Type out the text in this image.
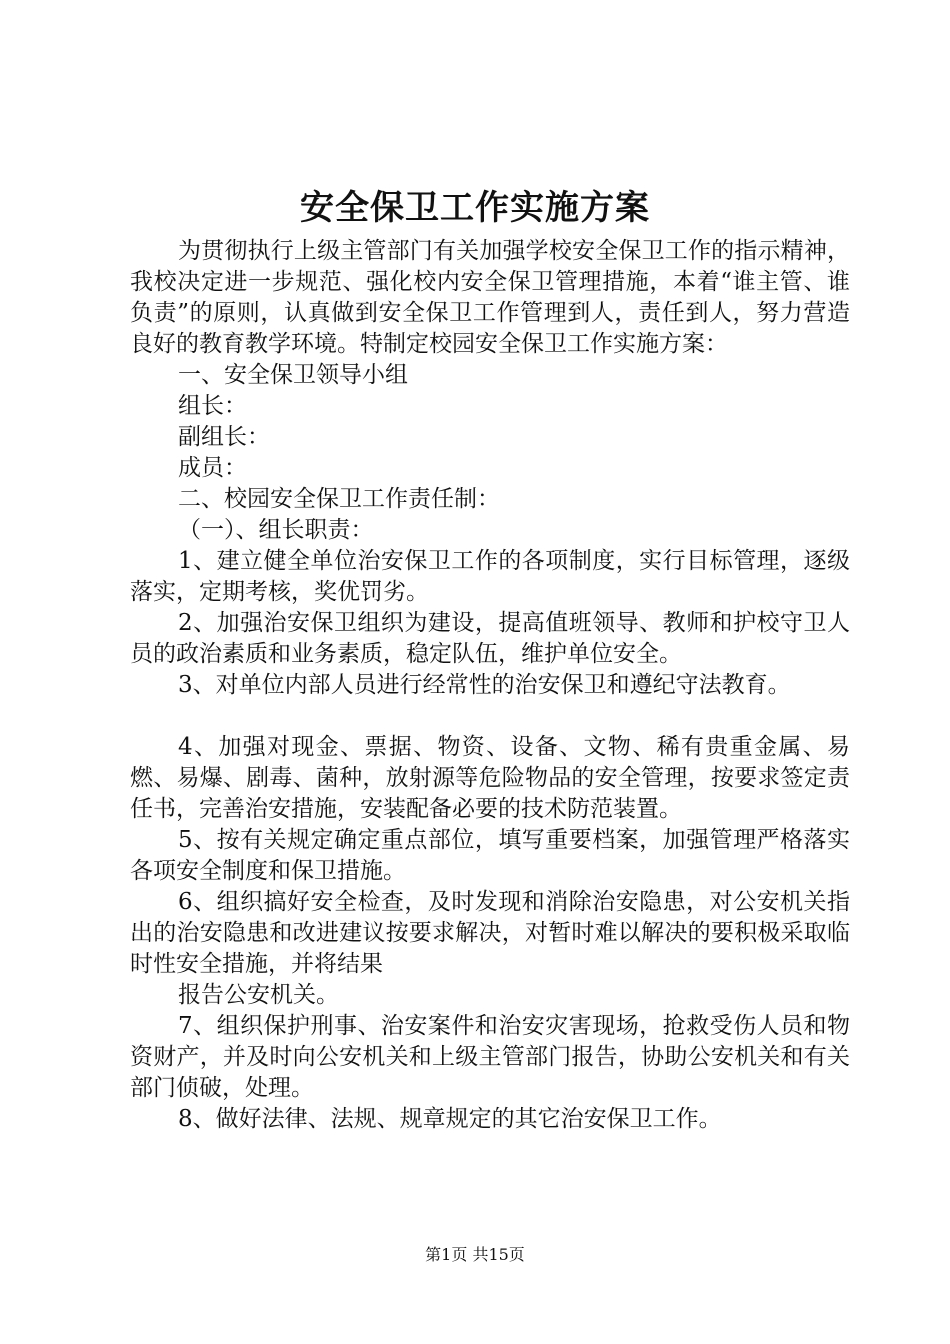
安全保卫工作实施方案

为贯彻执行上级主管部门有关加强学校安全保卫工作的指示精神，我校决定进一步规范、强化校内安全保卫管理措施，本着“谁主管、谁负责”的原则，认真做到安全保卫工作管理到人，责任到人，努力营造良好的教育教学环境。特制定校园安全保卫工作实施方案：

一、安全保卫领导小组

组长：

副组长：

成员：

二、校园安全保卫工作责任制：

（一）、组长职责：

1、建立健全单位治安保卫工作的各项制度，实行目标管理，逐级落实，定期考核，奖优罚劣。

2、加强治安保卫组织为建设，提高值班领导、教师和护校守卫人员的政治素质和业务素质，稳定队伍，维护单位安全。

3、对单位内部人员进行经常性的治安保卫和遵纪守法教育。

4、加强对现金、票据、物资、设备、文物、稀有贵重金属、易燃、易爆、剧毒、菌种，放射源等危险物品的安全管理，按要求签定责任书，完善治安措施，安装配备必要的技术防范装置。

5、按有关规定确定重点部位，填写重要档案，加强管理严格落实各项安全制度和保卫措施。

6、组织搞好安全检查，及时发现和消除治安隐患，对公安机关指出的治安隐患和改进建议按要求解决，对暂时难以解决的要积极采取临时性安全措施，并将结果

报告公安机关。

7、组织保护刑事、治安案件和治安灾害现场，抢救受伤人员和物资财产，并及时向公安机关和上级主管部门报告，协助公安机关和有关部门侦破，处理。

8、做好法律、法规、规章规定的其它治安保卫工作。

第1页 共15页
